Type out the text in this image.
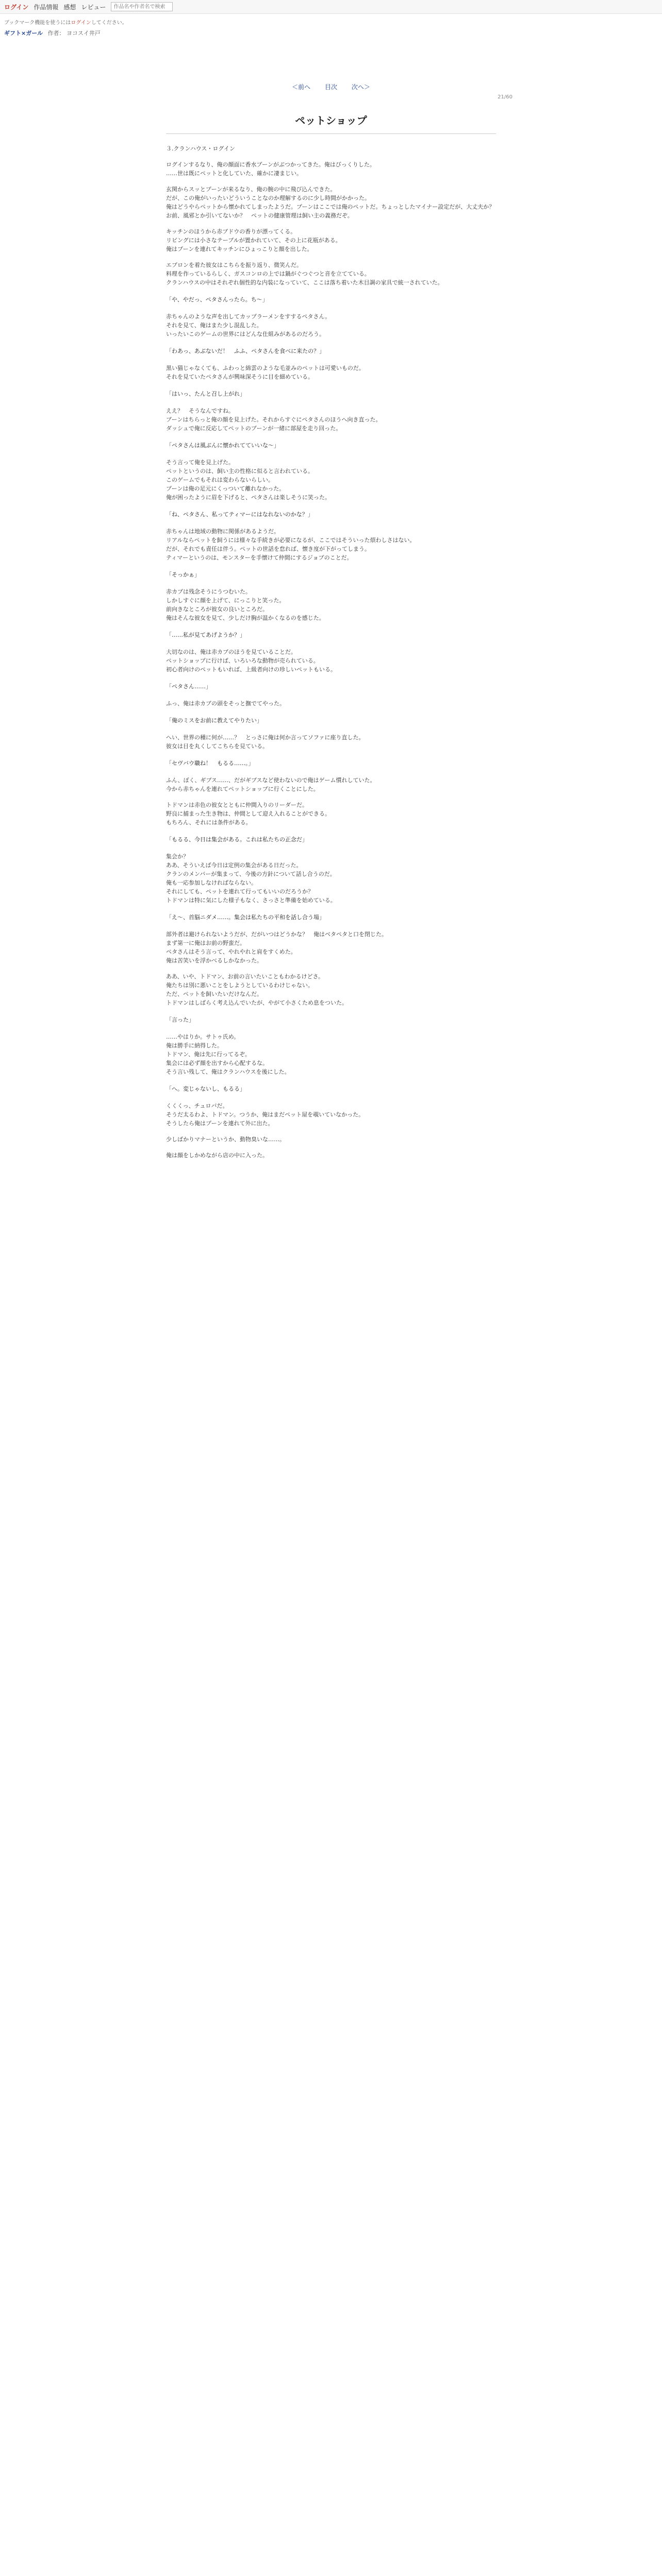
ログイン 作品情報 感想 レビュー
作品名や作者名で検索
ブックマーク機能を使うにはログインしてください。
ギフト×ガール 作者： ヨコスイ井戸
＜前へ 目次 次へ＞
21/60
ペットショップ

３.クランハウス・ログイン

ログインするなり、俺の顔面に香水ブーンがぶつかってきた。俺はびっくりした。
……世は既にペットと化していた、確かに凄まじい。

玄関からスッとプーンが来るなり、俺の腕の中に飛び込んできた。
だが、この俺がいったいどういうことなのか理解するのに少し時間がかかった。
俺はどうやらペットから懐かれてしまったようだ。プーンはここでは俺のペットだ。ちょっとしたマイナー設定だが、大丈夫か？　お前、風邪とか引いてないか？　ペットの健康管理は飼い主の義務だぞ。

キッチンのほうから赤ブドウの香りが漂ってくる。
リビングには小さなテーブルが置かれていて、その上に花瓶がある。
俺はプーンを連れてキッチンにひょっこりと顔を出した。

エプロンを着た彼女はこちらを振り返り、微笑んだ。
料理を作っているらしく、ガスコンロの上では鍋がぐつぐつと音を立てている。
クランハウスの中はそれぞれ個性的な内装になっていて、ここは落ち着いた木目調の家具で統一されていた。

「や、やだっ、ペタさんったら。ち〜」

赤ちゃんのような声を出してカップラーメンをすするペタさん。
それを見て、俺はまた少し混乱した。
いったいこのゲームの世界にはどんな仕組みがあるのだろう。

「わあっ、あぶないだ！　ふふ、ペタさんを食べに来たの？」

黒い猫じゃなくても、ふわっと綿雲のような毛並みのペットは可愛いものだ。
それを見ていたペタさんが興味深そうに目を細めている。

「はいっ、たんと召し上がれ」

ええ？　そうなんですね。
ブーンはちらっと俺の顔を見上げた。それからすぐにペタさんのほうへ向き直った。
ダッシュで俺に反応してペットのブーンが一緒に部屋を走り回った。

「ペタさんは風ぶんに懐かれてていいな〜」

そう言って俺を見上げた。
ペットというのは、飼い主の性格に似ると言われている。
このゲームでもそれは変わらないらしい。
プーンは俺の足元にくっついて離れなかった。
俺が困ったように眉を下げると、ペタさんは楽しそうに笑った。

「ね、ペタさん、私ってティマーにはなれないのかな？」

赤ちゃんは地域の動物に関係があるようだ。
リアルならペットを飼うには様々な手続きが必要になるが、ここではそういった煩わしさはない。
だが、それでも責任は伴う。ペットの世話を怠れば、懐き度が下がってしまう。
ティマーというのは、モンスターを手懐けて仲間にするジョブのことだ。

「そっかぁ」

赤カブは残念そうにうつむいた。
しかしすぐに顔を上げて、にっこりと笑った。
前向きなところが彼女の良いところだ。
俺はそんな彼女を見て、少しだけ胸が温かくなるのを感じた。

「……私が見てあげようか？」

大切なのは、俺は赤カブのほうを見ていることだ。
ペットショップに行けば、いろいろな動物が売られている。
初心者向けのペットもいれば、上級者向けの珍しいペットもいる。

「ペタさん……」

ふっ、俺は赤カブの頭をそっと撫でてやった。

「俺のミスをお前に教えてやりたい」

へい、世界の種に何が……？　とっさに俺は何か言ってソファに座り直した。
彼女は目を丸くしてこちらを見ている。

「セヴバウ職ね！　もるる……。」

ふん、ぼく、ギブス……、だがギブスなど使わないので俺はゲーム慣れしていた。
今から赤ちゃんを連れてペットショップに行くことにした。

トドマンは赤色の彼女とともに仲間入りのリーダーだ。
野良に捕まった生き物は、仲間として迎え入れることができる。
もちろん、それには条件がある。

「もるる、今日は集会がある。これは私たちの正念だ」

集会か？
ああ、そういえば今日は定例の集会がある日だった。
クランのメンバーが集まって、今後の方針について話し合うのだ。
俺も一応参加しなければならない。
それにしても、ペットを連れて行ってもいいのだろうか？
トドマンは特に気にした様子もなく、さっさと準備を始めている。

「え〜、首脳ニダメ……。集会は私たちの平和を話し合う場」

部外者は避けられないようだが、だがいつはどうかな？　俺はベタペタと口を閉じた。
まず第一に俺はお前の野蛮だ。
ペタさんはそう言って、やれやれと肩をすくめた。
俺は苦笑いを浮かべるしかなかった。

ああ、いや、トドマン、お前の言いたいこともわかるけどさ。
俺たちは別に悪いことをしようとしているわけじゃない。
ただ、ペットを飼いたいだけなんだ。
トドマンはしばらく考え込んでいたが、やがて小さくため息をついた。

「言った」

……やはりか。サトゥ氏め。
俺は勝手に納得した。
トドマン、俺は先に行ってるぞ。
集会には必ず顔を出すから心配するな。
そう言い残して、俺はクランハウスを後にした。

「へ。変じゃないし、もるる」

くくくっ、チュロバだ。
そうだ太るわよ、トドマン。つうか、俺はまだペット屋を覗いていなかった。
そうしたら俺はプーンを連れて外に出た。

少しばかりマナーというか、動物臭いな……。

俺は顔をしかめながら店の中に入った。
